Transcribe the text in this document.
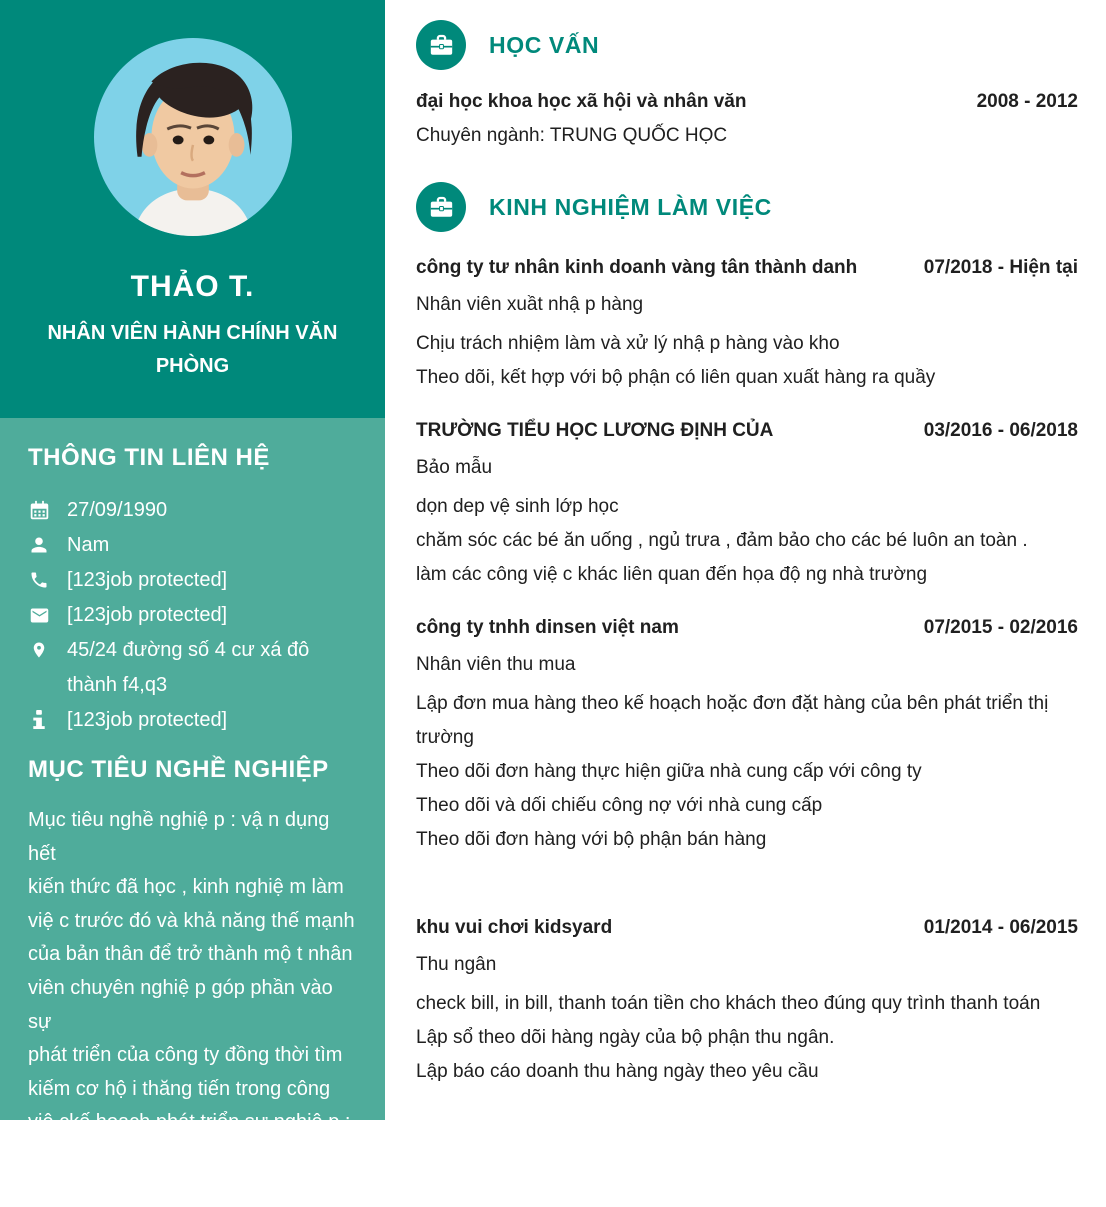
THẢO T.
NHÂN VIÊN HÀNH CHÍNH VĂN PHÒNG
THÔNG TIN LIÊN HỆ
27/09/1990
Nam
[123job protected]
[123job protected]
45/24 đường số 4 cư xá đô thành f4,q3
[123job protected]
MỤC TIÊU NGHỀ NGHIỆP
Mục tiêu nghề nghiệ p : vậ n dụng hết
kiến thức đã học , kinh nghiệ m làm
việ c trước đó và khả năng thế mạnh
của bản thân để trở thành mộ t nhân
viên chuyên nghiệ p góp phần vào sự
phát triển của công ty đồng thời tìm
kiếm cơ hộ i thăng tiến trong công
việ ckế hoạch phát triển sự nghiệ p :
- ngắn hạn : tìm được công việ c tốt
trau dồi các kỹ năng , gắn bó ổn định
HỌC VẤN
đại học khoa học xã hội và nhân văn	2008 - 2012
Chuyên ngành: TRUNG QUỐC HỌC
KINH NGHIỆM LÀM VIỆC
công ty tư nhân kinh doanh vàng tân thành danh	07/2018 - Hiện tại
Nhân viên xuầt nhậ p hàng
Chịu trách nhiệm làm và xử lý nhậ p hàng vào kho
Theo dõi, kết hợp với bộ phận có liên quan xuất hàng ra quầy
TRƯỜNG TIỂU HỌC LƯƠNG ĐỊNH CỦA	03/2016 - 06/2018
Bảo mẫu
dọn dep vệ sinh lớp học
chăm sóc các bé ăn uống , ngủ trưa , đảm bảo cho các bé luôn an toàn .
làm các công việ c khác liên quan đến họa độ ng nhà trường
công ty tnhh dinsen việt nam	07/2015 - 02/2016
Nhân viên thu mua
Lập đơn mua hàng theo kế hoạch hoặc đơn đặt hàng của bên phát triển thị trường
Theo dõi đơn hàng thực hiện giữa nhà cung cấp với công ty
Theo dõi và dối chiếu công nợ với nhà cung cấp
Theo dõi đơn hàng với bộ phận bán hàng
khu vui chơi kidsyard	01/2014 - 06/2015
Thu ngân
check bill, in bill, thanh toán tiền cho khách theo đúng quy trình thanh toán
Lập sổ theo dõi hàng ngày của bộ phận thu ngân.
Lập báo cáo doanh thu hàng ngày theo yêu cầu
